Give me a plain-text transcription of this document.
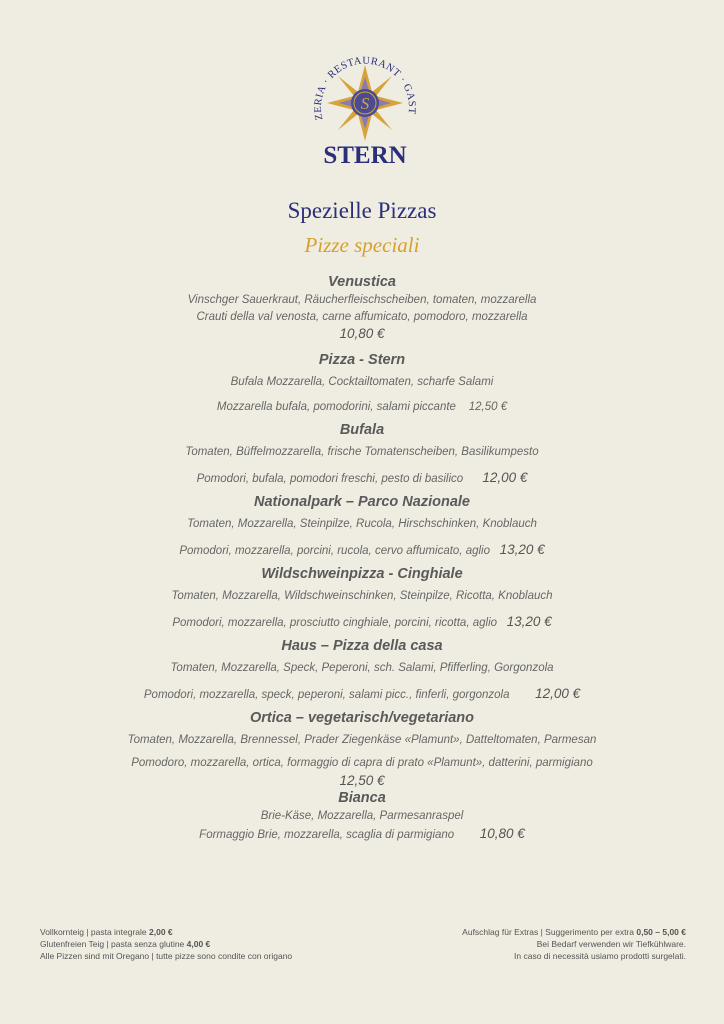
ZERIA · RESTAURANT · GAST
S
STERN
Spezielle Pizzas
Pizze speciali
Venustica
Vinschger Sauerkraut, Räucherfleischscheiben, tomaten, mozzarella
Crauti della val venosta, carne affumicato, pomodoro, mozzarella
10,80 €
Pizza - Stern
Bufala Mozzarella, Cocktailtomaten, scharfe Salami
Mozzarella bufala, pomodorini, salami piccante 12,50 €
Bufala
Tomaten, Büffelmozzarella, frische Tomatenscheiben, Basilikumpesto
Pomodori, bufala, pomodori freschi, pesto di basilico 12,00 €
Nationalpark – Parco Nazionale
Tomaten, Mozzarella, Steinpilze, Rucola, Hirschschinken, Knoblauch
Pomodori, mozzarella, porcini, rucola, cervo affumicato, aglio 13,20 €
Wildschweinpizza - Cinghiale
Tomaten, Mozzarella, Wildschweinschinken, Steinpilze, Ricotta, Knoblauch
Pomodori, mozzarella, prosciutto cinghiale, porcini, ricotta, aglio 13,20 €
Haus – Pizza della casa
Tomaten, Mozzarella, Speck, Peperoni, sch. Salami, Pfifferling, Gorgonzola
Pomodori, mozzarella, speck, peperoni, salami picc., finferli, gorgonzola 12,00 €
Ortica – vegetarisch/vegetariano
Tomaten, Mozzarella, Brennessel, Prader Ziegenkäse «Plamunt», Datteltomaten, Parmesan
Pomodoro, mozzarella, ortica, formaggio di capra di prato «Plamunt», datterini, parmigiano
12,50 €
Bianca
Brie-Käse, Mozzarella, Parmesanraspel
Formaggio Brie, mozzarella, scaglia di parmigiano 10,80 €
Vollkornteig | pasta integrale 2,00 €
Glutenfreien Teig | pasta senza glutine 4,00 €
Alle Pizzen sind mit Oregano | tutte pizze sono condite con origano
Aufschlag für Extras | Suggerimento per extra 0,50 – 5,00 €
Bei Bedarf verwenden wir Tiefkühlware.
In caso di necessità usiamo prodotti surgelati.
